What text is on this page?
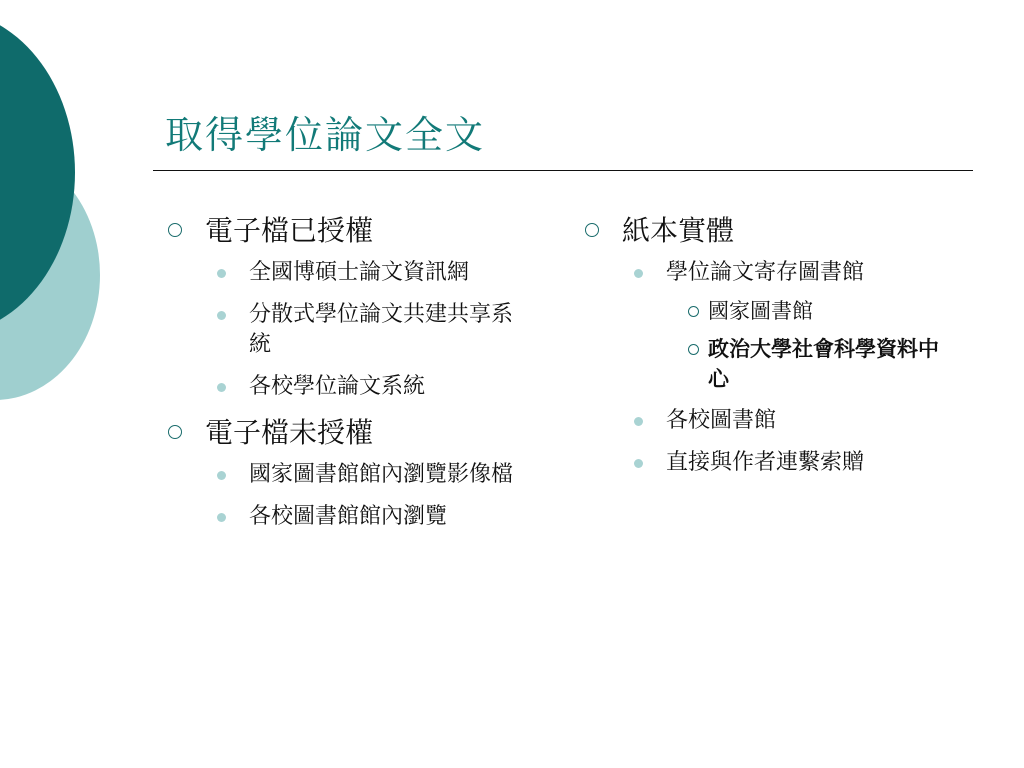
取得學位論文全文
電子檔已授權
全國博碩士論文資訊網
分散式學位論文共建共享系統
各校學位論文系統
電子檔未授權
國家圖書館館內瀏覽影像檔
各校圖書館館內瀏覽
紙本實體
學位論文寄存圖書館
國家圖書館
政治大學社會科學資料中心
各校圖書館
直接與作者連繫索贈
